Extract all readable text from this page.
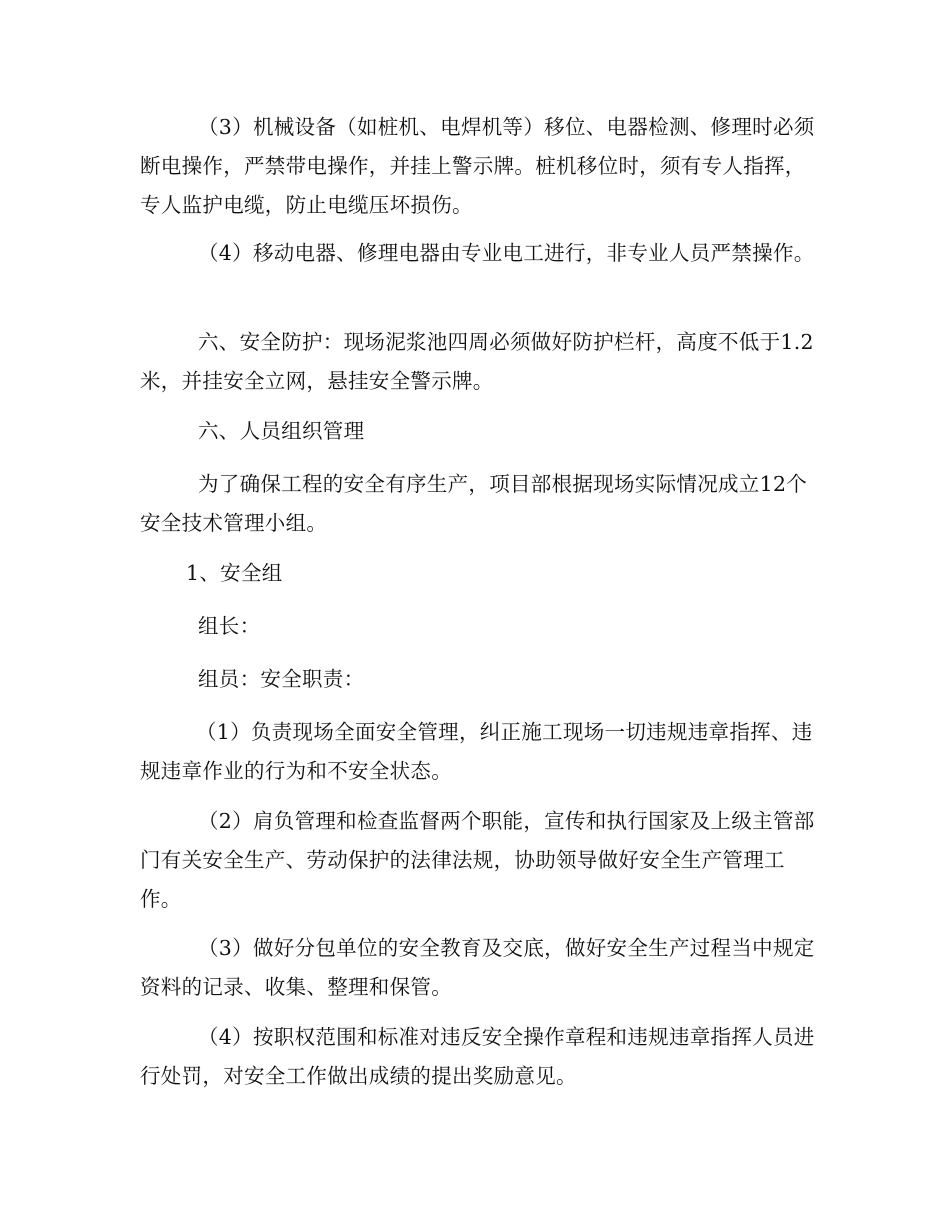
（3）机械设备（如桩机、电焊机等）移位、电器检测、修理时必须断电操作，严禁带电操作，并挂上警示牌。桩机移位时，须有专人指挥，专人监护电缆，防止电缆压坏损伤。
（4）移动电器、修理电器由专业电工进行，非专业人员严禁操作。
六、安全防护：现场泥浆池四周必须做好防护栏杆，高度不低于1.2米，并挂安全立网，悬挂安全警示牌。
六、人员组织管理
为了确保工程的安全有序生产，项目部根据现场实际情况成立12个安全技术管理小组。
1、安全组
组长：
组员：安全职责：
（1）负责现场全面安全管理，纠正施工现场一切违规违章指挥、违规违章作业的行为和不安全状态。
（2）肩负管理和检查监督两个职能，宣传和执行国家及上级主管部门有关安全生产、劳动保护的法律法规，协助领导做好安全生产管理工作。
（3）做好分包单位的安全教育及交底，做好安全生产过程当中规定资料的记录、收集、整理和保管。
（4）按职权范围和标准对违反安全操作章程和违规违章指挥人员进行处罚，对安全工作做出成绩的提出奖励意见。
